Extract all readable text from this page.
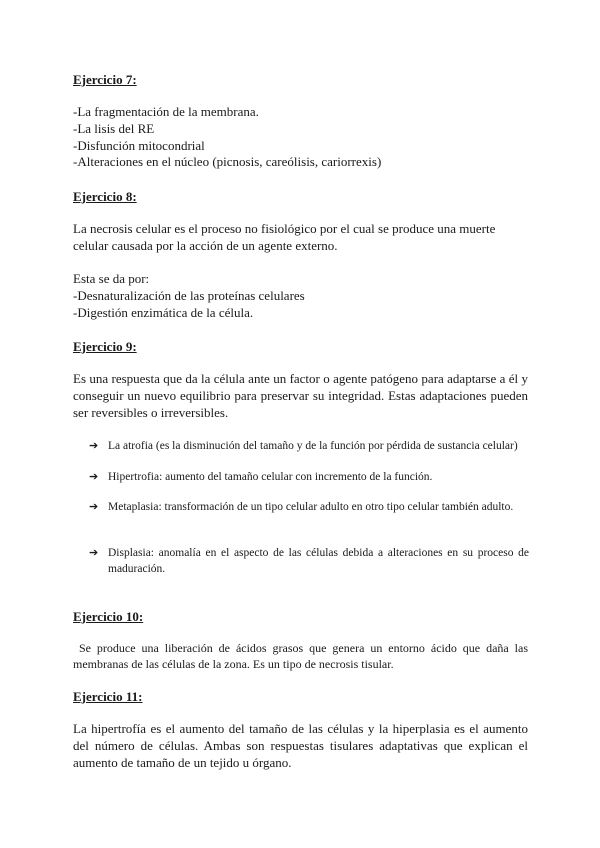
Ejercicio 7:
-La fragmentación de la membrana.
-La lisis del RE
-Disfunción mitocondrial
-Alteraciones en el núcleo (picnosis, careólisis, cariorrexis)
Ejercicio 8:

La necrosis celular es el proceso no fisiológico por el cual se produce una muerte celular causada por la acción de un agente externo.

Esta se da por:
-Desnaturalización de las proteínas celulares
-Digestión enzimática de la célula.
Ejercicio 9:

Es una respuesta que da la célula ante un factor o agente patógeno para adaptarse a él y conseguir un nuevo equilibrio para preservar su integridad. Estas adaptaciones pueden ser reversibles o irreversibles.

➔ La atrofia (es la disminución del tamaño y de la función por pérdida de sustancia celular)
➔ Hipertrofia: aumento del tamaño celular con incremento de la función.
➔ Metaplasia: transformación de un tipo celular adulto en otro tipo celular también adulto.
➔ Displasia: anomalía en el aspecto de las células debida a alteraciones en su proceso de maduración.
Ejercicio 10:

Se produce una liberación de ácidos grasos que genera un entorno ácido que daña las membranas de las células de la zona. Es un tipo de necrosis tisular.

Ejercicio 11:

La hipertrofía es el aumento del tamaño de las células y la hiperplasia es el aumento del número de células. Ambas son respuestas tisulares adaptativas que explican el aumento de tamaño de un tejido u órgano.
